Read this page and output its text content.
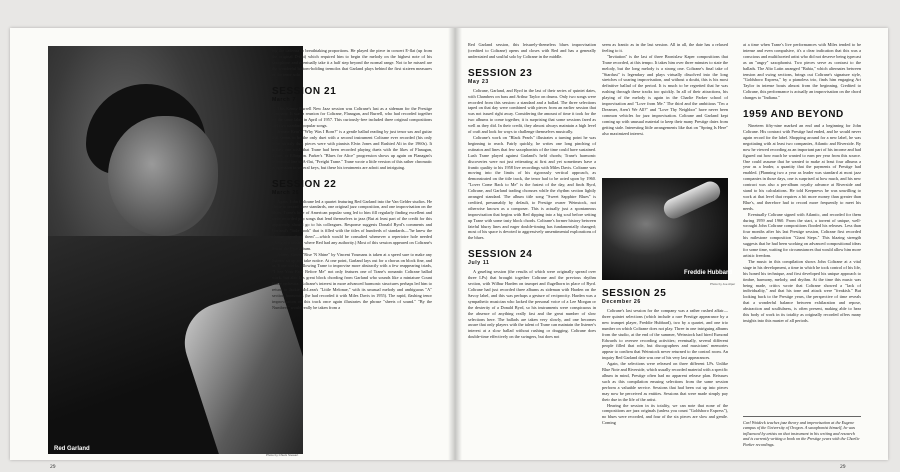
Red Garland
Photo by Chuck Stewart

ing the cadenza to breathtaking proportions. He played the piece in concert E-flat (up from the original D-flat) which required him to begin the melody on the highest note of his saxophone and eventually take it a half step beyond the normal range. Not to be missed are the wonderful bottom-holding tremolos that Garland plays behind the first sixteen measures of the tenor solo.

SESSION 21
March 7

This Kenny Burrell New Jazz session was Coltrane's last as a sideman for the Prestige company. It was a reunion for Coltrane, Flanagan, and Burrell, who had recorded together on the same label in April of 1957. This curiously-free included three original compositions and two standard popular songs.

Jerome Kern's "Why Was I Born?" is a gentle ballad reading by just tenor sax and guitar that seems to be the only duet with a second instrument Coltrane ever recorded (his only other strictly duet pieces were with pianists Elvin Jones and Rashied Ali in the 1960s). It makes one wish that Trane had been recorded playing duets with the likes of Flanagan, Tyner, or Ellington. Parker's "Blues for Alice" progression shows up again on Flanagan's wonderful line in A-flat, "Freight Trane." Trane wrote a little version of this rather chromatic progression in several keys, but these his treatments are adroit and intriguing.

SESSION 22
March 26

Again, John Coltrane led a quartet featuring Red Garland into the Van Gelder studios. He chose to record three standards, one original jazz composition, and one improvisation on the blues. Trane's love of American popular song led to him fill regularly finding excellent and underrecorded pop songs that lend themselves to jazz (But at least part of the credit for this apparently should go to his colleagues. Response suggests Donald Byrd's comments and Garland's "little book" that is filled with the titles of hundreds of standards—"he knew the changes to all of them"—which would be consulted whenever a repertoire hole needed filling at a session where Red had any authority.) Most of this session appeared on Coltrane's Settin' the Pace album.

Johnny Green "Rise 'N Shine" by Vincent Youmans is taken at a speed sure to make any listener sit up and take notice. At one point, Garland lays out for a chorus on block fine, and as Trane works, allowing Trane to improvise more abstractly with a few reappearing triads, "I See Your Face Before Me" not only features one of Trane's romantic Coltrane ballad work, but also has great block chording from Garland who sounds like a miniature Count Basie orchestra. Coltrane's interest in more advanced harmonic structures perhaps led him to return to Jackie McLean's "Little Melonae," with its unusual melody and ambiguous "A" section harmonies (he had recorded it with Miles Davis in 1955). The rapid, flashing tenor improvisation on this track once again illustrates the phrase "sheets of sound." "By the Numbers" would really be taken from a

29

Red Garland session, this leisurely-themeless blues improvisation (credited to Coltrane) opens and closes with Red and has a generally understated and soulful solo by Coltrane in the middle.

SESSION 23
May 23

Coltrane, Garland, and Byrd in the last of their series of quintet dates, with Chambers on bass and Arthur Taylor on drums. Only two songs were recorded from this session: a standard and a ballad. The three selections taped on that day were combined with pieces from an earlier session that was not issued right away. Considering the amount of time it took for the two albums to come together, it is surprising that some sessions fared as well as they did. In their credit, they almost always maintain a high level of craft and look for ways to challenge themselves musically.

Coltrane's work on "Black Pearls" illustrates a turning point he was beginning to reach. Fairly quickly, he writes one long pinching of ostinatos and lines that few saxophonists of the time could have sustained. Lush Trane played against Garland's held chords; Trane's harmonic discoveries were not just reiterating at first and yet sometimes have a frantic quality to his 1958 live recordings with Miles Davis. Coltrane was moving into the limits of his rigorously vertical approach, as demonstrated on the title track, the tenor had to be acted upon by 1960. "Lover Come Back to Me" is the fastest of the day, and finds Byrd, Coltrane, and Garland trading choruses while the rhythm section lightly arranged standard. The album title song "Sweet Sapphire Blues" is credited, presumably by default, to Prestige owner Weinstock, not otherwise known as a composer. This is actually just a spontaneous improvisation that begins with Red dipping into a big soul before setting up Trane with some tasty block chords. Coltrane's former history between fateful blurry lines and eager double-timing has fundamentally changed; most of his space is devoted to aggressively unsentimental explorations of the blues.

SESSION 24
July 11

A grueling session (the results of which were originally spread over three LPs) that brought together Coltrane and the previous rhythm section, with Wilbur Harden on trumpet and flugelhorn in place of Byrd. Coltrane had just recorded three albums as sideman with Harden on the Savoy label, and this was perhaps a gesture of reciprocity. Harden was a sympathetic musician who lacked the personal voice of a Lee Morgan or the dexterity of a Donald Byrd, so his instruments were conspicuous in the absence of anything really fast and the great number of slow selections here. The ballads are taken very slowly, and one becomes aware that only players with the talent of Trane can maintain the listener's interest at a slow ballad without rushing or dragging. Coltrane does double-time effectively on the swingers, but does not

seem as frantic as in the last session. All in all, the date has a relaxed feeling to it.

"Invitation" is the last of three Bronislaw Kaper compositions that Trane recorded, at this tempo. It takes him over three minutes to state the melody, but the long melody is a strong one. Coltrane's final take of "Stardust" is legendary and plays virtually dissolved into the long stretches of soaring improvisation, and without a doubt, this is his most definitive ballad of the period. It is much to be regretted that he was rushing through these tracks too quickly. In all of their attractions, his playing of the melody is again in the Charlie Parker school of improvisation and "Love from Me." The third and the ambitious "I'm a Dreamer, Aren't We All?" and "Love Thy Neighbor" have never been common vehicles for jazz improvisation. Coltrane and Garland kept coming up with unusual material to keep their many Prestige dates from getting stale. Interesting little arrangements like that on "Spring Is Here" also maximized interest.

Freddie Hubbard
Photo by Joe Alper
SESSION 25
December 26

Coltrane's last session for the company was a rather rushed affair—three quintet selections (which include a rare Prestige appearance by a new trumpet player, Freddie Hubbard), two by a quartet, and one trio number on which Coltrane does not play. Three in one intriguing albums from the studio, at the end of the summer, Weinstock had hired Esmond Edwards to oversee recording activities; eventually, several different people filled that role, but discographers and musicians' memories appear to confirm that Weinstock never returned to the control room. An inquiry Red Garland date was one of his very last appearances.

Again, the selections were released on three different LPs. Unlike Blue Note and Riverside, which usually recorded material with a specific album in mind, Prestige often had no apparent release plan. Reissues such as this compilation ensuing selections from the same session perform a valuable service. Sessions that had been cut up into pieces may now be perceived as entities. Sessions that were made simply pay their due in the life of the artist.

Hearing the session in its totality, we can note that none of the compositions are jazz originals (unless you count "Goldsboro Express"), no blues were recorded, and four of the six pieces are slow and gentle. Coming

at a time when Trane's live performances with Miles tended to be intense and even compulsive, it's a clear indication that this was a conscious and multifaceted artist who did not deserve being typecast as an "angry" saxophonist. Two pieces serve as contrast to the ballads. The Alto Latin arranged "Bahia," which alternates between tension and swing sections, brings out Coltrane's signature style, "Goldsboro Express," by a pianoless trio, finds him engaging Art Taylor in intense bouts almost from the beginning. Credited to Coltrane, this performance is actually an improvisation on the chord changes to "Indiana."

1959 AND BEYOND

Nineteen fifty-nine marked an end and a beginning for John Coltrane. His contract with Prestige had ended, and he would never again record for the label. Shopping around for a new label, he was negotiating with at least two companies, Atlantic and Riverside. By now he viewed recording as an important part of his income and had figured out how much he wanted to earn per year from this source. One could assume that he wanted to make at least four albums a year as a leader, a quantity that the payments of Prestige had enabled. (Planning two a year as leader was standard at most jazz companies in those days, one is surprised at how much, and his new contract was also a per-album royalty advance at Riverside and stand to his calculations. He told Keepnews he was unwilling to work at that level that requires a bit more money than greater than Blue's, and therefore had to record more frequently to meet his needs.

Eventually Coltrane signed with Atlantic, and recorded for them during 1959 and 1960. From the start, a torrent of unique, well-wrought John Coltrane compositions flooded his releases. Less than four months after his last Prestige session, Coltrane first recorded his milestone composition "Giant Steps." This blazing strength suggests that he had been working on advanced compositional ideas for some time, waiting for circumstances that would allow him more artistic freedom.

The music in this compilation shows John Coltrane at a vital stage in his development, a time in which he took control of his life, his honed his technique, and first developed his unique approach to timbre, harmony, melody, and rhythm. At the time this music was being made, critics wrote that Coltrane showed a "lack of individuality," and that his tone and attack were "freakish." But looking back to the Prestige years, the perspective of time reveals that a wonderful balance between exhilaration and repose, abstraction and soulfulness, is often present, making able to hear this body of work in its totality as originally recorded offers many insights into this master of all periods.

Carl Woideck teaches jazz theory and improvisation at the Eugene campus of the University of Oregon. A saxophonist himself, he was influenced by artists on that instrument in his writing and research and is currently writing a book on the Prestige years with the Charlie Parker recordings.
29
